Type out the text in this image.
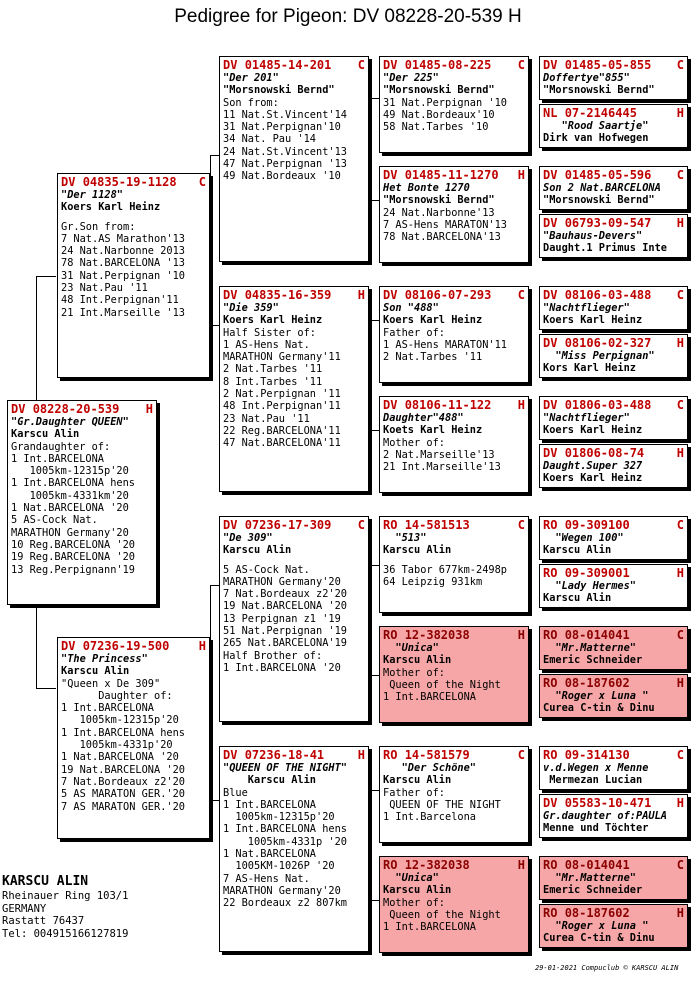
Pedigree for Pigeon: DV 08228-20-539 H
DV 08228-20-539 H
"Gr.Daughter QUEEN"
Karscu Alin
Grandaughter of:
1 Int.BARCELONA
1005km-12315p'20
1 Int.BARCELONA hens
1005km-4331km'20
1 Nat.BARCELONA '20
5 AS-Cock Nat.
MARATHON Germany'20
10 Reg.BARCELONA '20
19 Reg.BARCELONA '20
13 Reg.Perpignann'19
DV 04835-19-1128 C
"Der 1128"
Koers Karl Heinz
Gr.Son from:
7 Nat.AS Marathon'13
24 Nat.Narbonne 2013
78 Nat.BARCELONA '13
31 Nat.Perpignan '10
23 Nat.Pau '11
48 Int.Perpignan'11
21 Int.Marseille '13
DV 07236-19-500 H
"The Princess"
Karscu Alin
"Queen x De 309"
Daughter of:
1 Int.BARCELONA
1005km-12315p'20
1 Int.BARCELONA hens
1005km-4331p'20
1 Nat.BARCELONA '20
19 Nat.BARCELONA '20
7 Nat.Bordeaux z2'20
5 AS MARATON GER.'20
7 AS MARATON GER.'20
DV 01485-14-201 C
"Der 201"
"Morsnowski Bernd"
Son from:
11 Nat.St.Vincent'14
31 Nat.Perpignan'10
34 Nat. Pau '14
24 Nat.St.Vincent'13
47 Nat.Perpignan '13
49 Nat.Bordeaux '10
DV 04835-16-359 H
"Die 359"
Koers Karl Heinz
Half Sister of:
1 AS-Hens Nat.
MARATHON Germany'11
2 Nat.Tarbes '11
8 Int.Tarbes '11
2 Nat.Perpignan '11
48 Int.Perpignan'11
23 Nat.Pau '11
22 Reg.BARCELONA'11
47 Nat.BARCELONA'11
DV 07236-17-309 C
"De 309"
Karscu Alin
5 AS-Cock Nat.
MARATHON Germany'20
7 Nat.Bordeaux z2'20
19 Nat.BARCELONA '20
13 Perpignan z1 '19
51 Nat.Perpignan '19
265 Nat.BARCELONA'19
Half Brother of:
1 Int.BARCELONA '20
DV 07236-18-41	H
"QUEEN OF THE NIGHT"
Karscu Alin
Blue
1 Int.BARCELONA
1005km-12315p'20
1 Int.BARCELONA hens
1005km-4331p '20
1 Nat.BARCELONA
1005KM-1026P '20
7 AS-Hens Nat.
MARATHON Germany'20
22 Bordeaux z2 807km
DV 01485-08-225 C
"Der 225"
"Morsnowski Bernd"
31 Nat.Perpignan '10
49 Nat.Bordeaux'10
58 Nat.Tarbes '10
DV 01485-11-1270 H
Het Bonte 1270
"Morsnowski Bernd"
24 Nat.Narbonne'13
7 AS-Hens MARATON'13
78 Nat.BARCELONA'13
DV 08106-07-293 C
Son "488"
Koers Karl Heinz
Father of:
1 AS-Hens MARATON'11
2 Nat.Tarbes '11
DV 08106-11-122 H
Daughter"488"
Koets Karl Heinz
Mother of:
2 Nat.Marseille'13
21 Int.Marseille'13
RO 14-581513	C
"513"
Karscu Alin
36 Tabor 677km-2498p
64 Leipzig 931km
RO 12-382038	H
"Unica"
Karscu Alin
Mother of:
Queen of the Night
1 Int.BARCELONA
RO 14-581579	C
"Der Schöne"
Karscu Alin
Father of:
QUEEN OF THE NIGHT
1 Int.Barcelona
RO 12-382038	H
"Unica"
Karscu Alin
Mother of:
Queen of the Night
1 Int.BARCELONA
DV 01485-05-855 C
Doffertye"855"
"Morsnowski Bernd"
NL 07-2146445	H
"Rood Saartje"
Dirk van Hofwegen
DV 01485-05-596 C
Son 2 Nat.BARCELONA
"Morsnowski Bernd"
DV 06793-09-547 H
"Bauhaus-Devers"
Daught.1 Primus Inte
DV 08106-03-488 C
"Nachtflieger"
Koers Karl Heinz
DV 08106-02-327 H
"Miss Perpignan"
Kors Karl Heinz
DV 01806-03-488 C
"Nachtflieger"
Koers Karl Heinz
DV 01806-08-74	H
Daught.Super 327
Koers Karl Heinz
RO 09-309100	C
"Wegen 100"
Karscu Alin
RO 09-309001	H
"Lady Hermes"
Karscu Alin
RO 08-014041	C
"Mr.Matterne"
Emeric Schneider
RO 08-187602	H
"Roger x Luna "
Curea C-tin & Dinu
RO 09-314130	C
v.d.Wegen x Menne
Mermezan Lucian
DV 05583-10-471 H
Gr.daughter of:PAULA
Menne und Töchter
RO 08-014041	C
"Mr.Matterne"
Emeric Schneider
RO 08-187602	H
"Roger x Luna "
Curea C-tin & Dinu
KARSCU ALIN
Rheinauer Ring 103/1
GERMANY
Rastatt 76437
Tel: 004915166127819
29-01-2021 Compuclub © KARSCU ALIN
